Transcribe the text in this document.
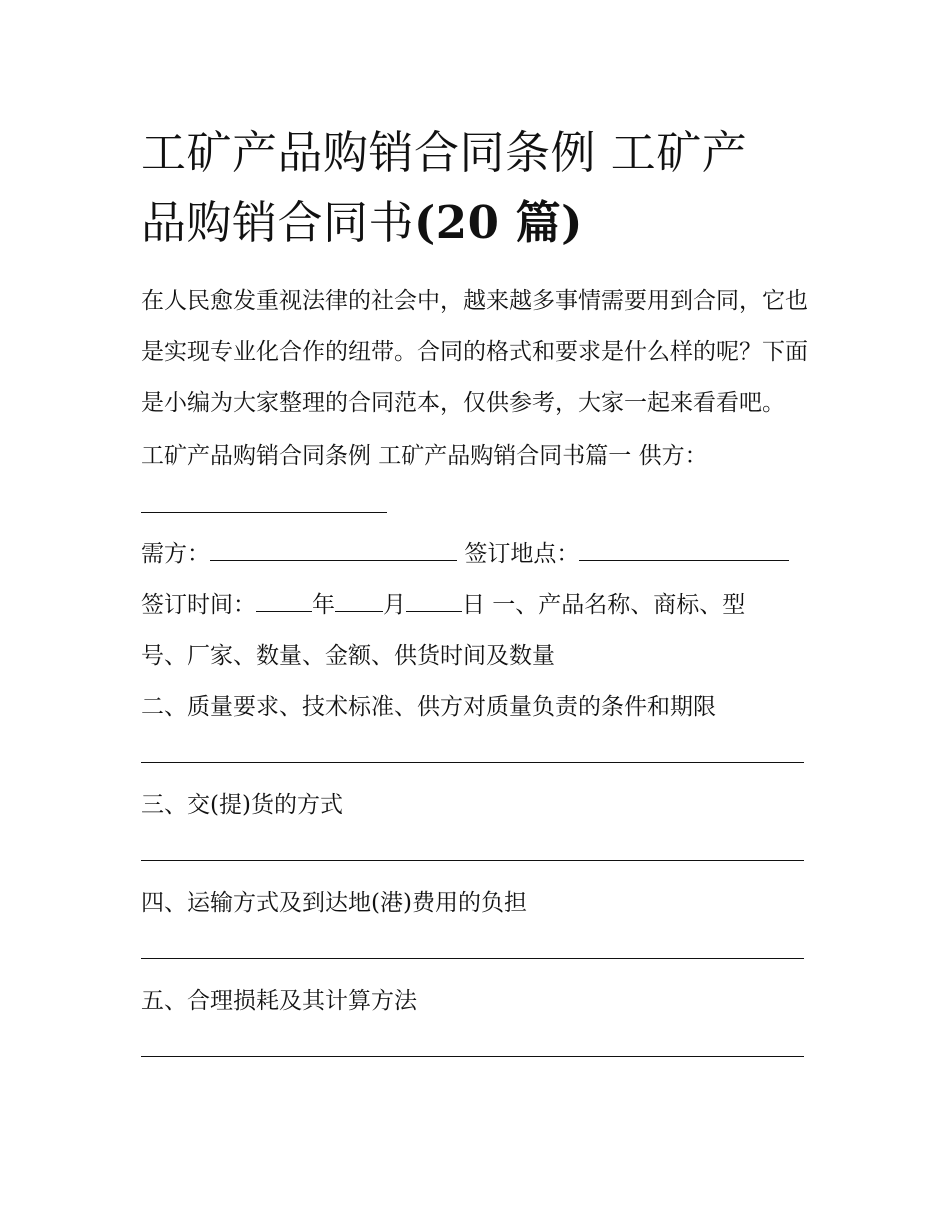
工矿产品购销合同条例 工矿产
品购销合同书(20 篇)

在人民愈发重视法律的社会中，越来越多事情需要用到合同，它也是实现专业化合作的纽带。合同的格式和要求是什么样的呢？下面是小编为大家整理的合同范本，仅供参考，大家一起来看看吧。

工矿产品购销合同条例 工矿产品购销合同书篇一 供方：

需方：	签订地点：
签订时间： 年 月 日 一、产品名称、商标、型

号、厂家、数量、金额、供货时间及数量

二、质量要求、技术标准、供方对质量负责的条件和期限

三、交(提)货的方式

四、运输方式及到达地(港)费用的负担

五、合理损耗及其计算方法
